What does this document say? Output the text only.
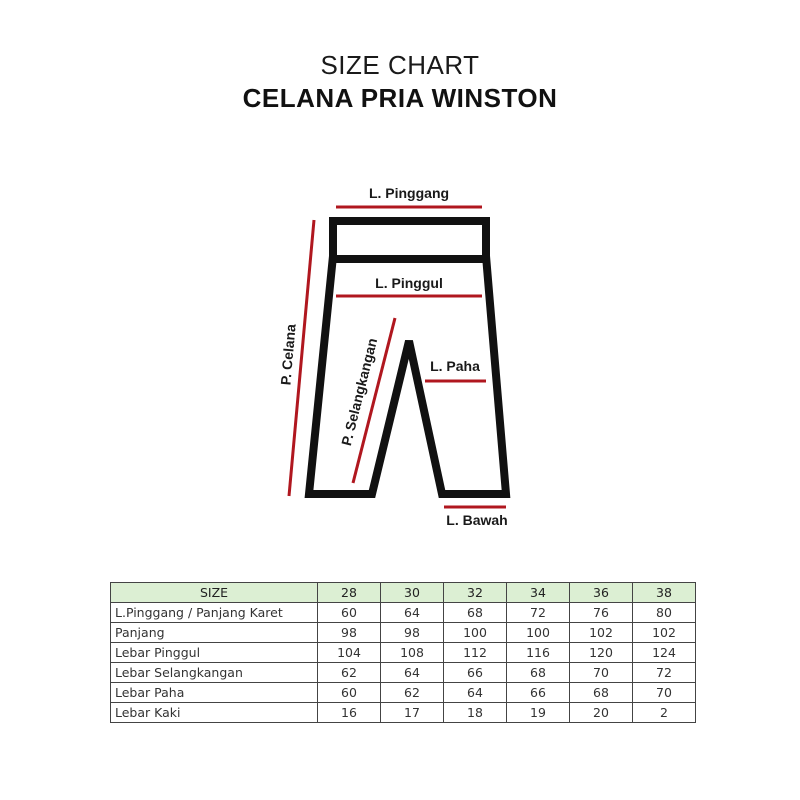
SIZE CHART
CELANA PRIA WINSTON
L. Pinggang
L. Pinggul
L. Paha
L. Bawah
P. Celana	P. Selangkangan
SIZE	28	30	32	34	36	38
L.Pinggang / Panjang Karet	60	64	68	72	76	80
Panjang	98	98	100	100	102	102
Lebar Pinggul	104	108	112	116	120	124
Lebar Selangkangan	62	64	66	68	70	72
Lebar Paha	60	62	64	66	68	70
Lebar Kaki	16	17	18	19	20	2
